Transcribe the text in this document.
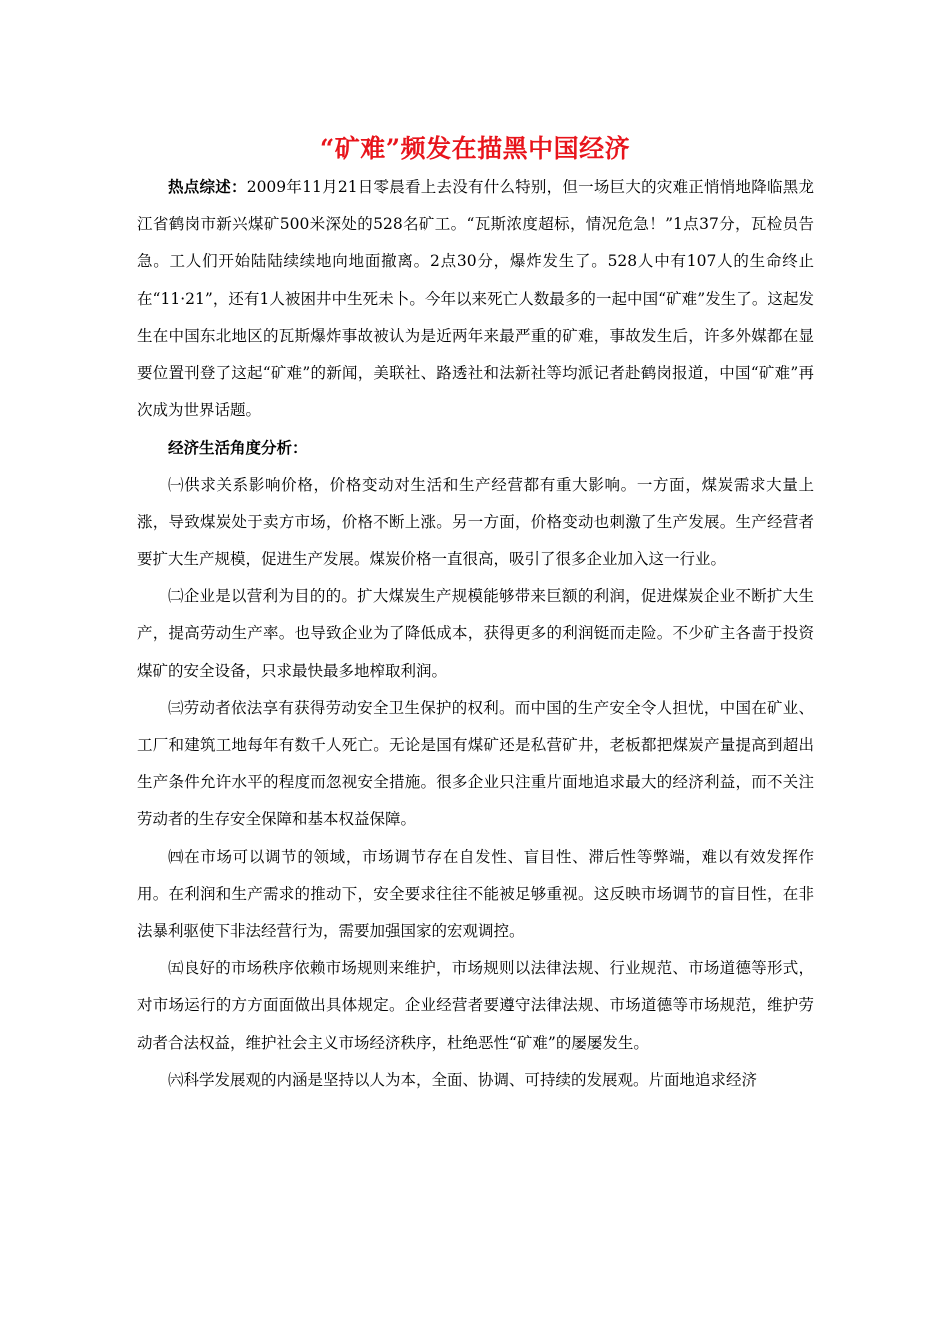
“矿难”频发在描黑中国经济

热点综述：2009年11月21日零晨看上去没有什么特别，但一场巨大的灾难正悄悄地降临黑龙江省鹤岗市新兴煤矿500米深处的528名矿工。“瓦斯浓度超标，情况危急！”1点37分，瓦检员告急。工人们开始陆陆续续地向地面撤离。2点30分，爆炸发生了。528人中有107人的生命终止在“11·21”，还有1人被困井中生死未卜。今年以来死亡人数最多的一起中国“矿难”发生了。这起发生在中国东北地区的瓦斯爆炸事故被认为是近两年来最严重的矿难，事故发生后，许多外媒都在显要位置刊登了这起“矿难”的新闻，美联社、路透社和法新社等均派记者赴鹤岗报道，中国“矿难”再次成为世界话题。

经济生活角度分析：

㈠供求关系影响价格，价格变动对生活和生产经营都有重大影响。一方面，煤炭需求大量上涨，导致煤炭处于卖方市场，价格不断上涨。另一方面，价格变动也刺激了生产发展。生产经营者要扩大生产规模，促进生产发展。煤炭价格一直很高，吸引了很多企业加入这一行业。

㈡企业是以营利为目的的。扩大煤炭生产规模能够带来巨额的利润，促进煤炭企业不断扩大生产，提高劳动生产率。也导致企业为了降低成本，获得更多的利润铤而走险。不少矿主各啬于投资煤矿的安全设备，只求最快最多地榨取利润。

㈢劳动者依法享有获得劳动安全卫生保护的权利。而中国的生产安全令人担忧，中国在矿业、工厂和建筑工地每年有数千人死亡。无论是国有煤矿还是私营矿井，老板都把煤炭产量提高到超出生产条件允许水平的程度而忽视安全措施。很多企业只注重片面地追求最大的经济利益，而不关注劳动者的生存安全保障和基本权益保障。

㈣在市场可以调节的领域，市场调节存在自发性、盲目性、滞后性等弊端，难以有效发挥作用。在利润和生产需求的推动下，安全要求往往不能被足够重视。这反映市场调节的盲目性，在非法暴利驱使下非法经营行为，需要加强国家的宏观调控。

㈤良好的市场秩序依赖市场规则来维护，市场规则以法律法规、行业规范、市场道德等形式，对市场运行的方方面面做出具体规定。企业经营者要遵守法律法规、市场道德等市场规范，维护劳动者合法权益，维护社会主义市场经济秩序，杜绝恶性“矿难”的屡屡发生。

㈥科学发展观的内涵是坚持以人为本，全面、协调、可持续的发展观。片面地追求经济
